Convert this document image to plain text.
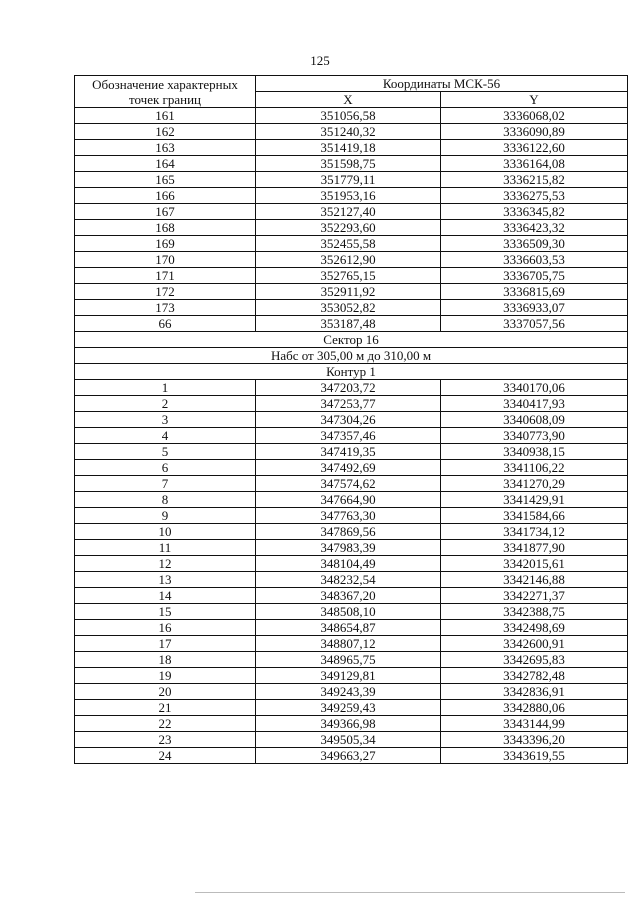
125
Обозначение характерных
точек границ	Координаты МСК-56	
	X	Y
161	351056,58	3336068,02
162	351240,32	3336090,89
163	351419,18	3336122,60
164	351598,75	3336164,08
165	351779,11	3336215,82
166	351953,16	3336275,53
167	352127,40	3336345,82
168	352293,60	3336423,32
169	352455,58	3336509,30
170	352612,90	3336603,53
171	352765,15	3336705,75
172	352911,92	3336815,69
173	353052,82	3336933,07
66	353187,48	3337057,56
Сектор 16		
Набс от 305,00 м до 310,00 м		
Контур 1		
1	347203,72	3340170,06
2	347253,77	3340417,93
3	347304,26	3340608,09
4	347357,46	3340773,90
5	347419,35	3340938,15
6	347492,69	3341106,22
7	347574,62	3341270,29
8	347664,90	3341429,91
9	347763,30	3341584,66
10	347869,56	3341734,12
11	347983,39	3341877,90
12	348104,49	3342015,61
13	348232,54	3342146,88
14	348367,20	3342271,37
15	348508,10	3342388,75
16	348654,87	3342498,69
17	348807,12	3342600,91
18	348965,75	3342695,83
19	349129,81	3342782,48
20	349243,39	3342836,91
21	349259,43	3342880,06
22	349366,98	3343144,99
23	349505,34	3343396,20
24	349663,27	3343619,55
